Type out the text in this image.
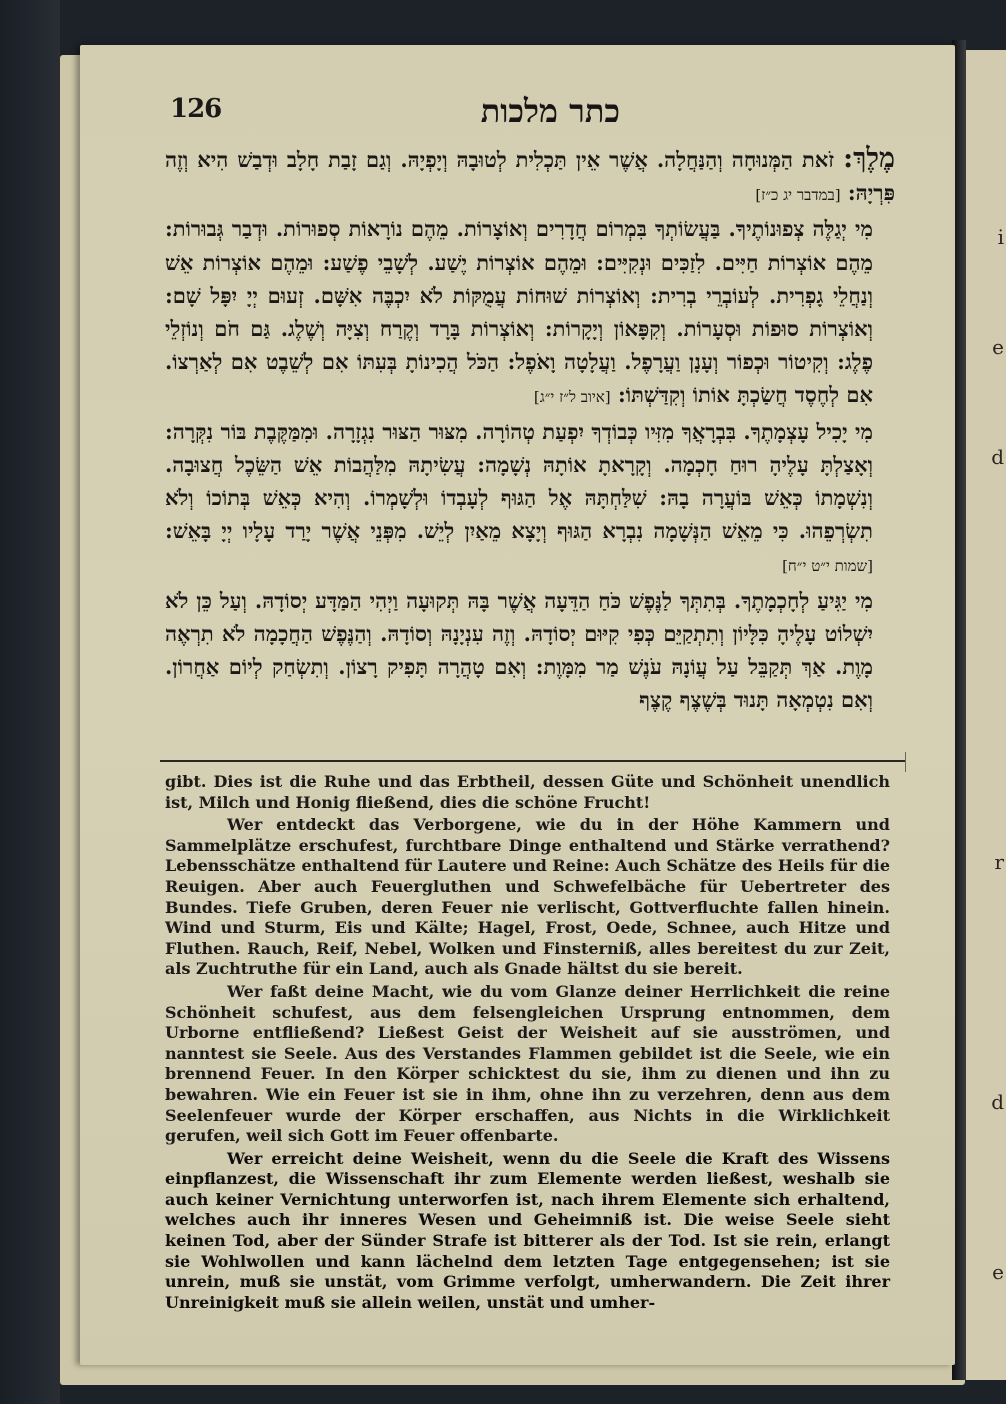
i
e
d
r
d
e
126	כתר מלכות

מֶלֶךְ: זֹאת הַמְּנוּחָה וְהַנַּחֲלָה. אֲשֶׁר אֵין תַּכְלִית לְטוּבָהּ וְיָפְיָהּ. וְגַם זָבַת חָלָב וּדְבַשׁ הִיא וְזֶה פִּרְיָהּ: [במדבר יג כ״ז]

מִי יְגַלֶּה צְפוּנוֹתֶיךָ. בַּעֲשׂוֹתְךָ בִּמְרוֹם חֲדָרִים וְאוֹצָרוֹת. מֵהֶם נוֹרָאוֹת סְפוּרוֹת. וּדְבַר גְּבוּרוֹת: מֵהֶם אוֹצְרוֹת חַיִּים. לִזַכִּים וּנְקִיִּים: וּמֵהֶם אוֹצְרוֹת יֶשַׁע. לְשָׁבֵי פֶשַׁע: וּמֵהֶם אוֹצְרוֹת אֵשׁ וְנַחֲלֵי גָפְרִית. לְעוֹבְרֵי בְרִית: וְאוֹצְרוֹת שׁוּחוֹת עֲמֻקּוֹת לֹא יִכְבֶּה אִשָּׁם. זְעוּם יְיָ יִפָּל שָׁם: וְאוֹצְרוֹת סוּפוֹת וּסְעָרוֹת. וְקִפָּאוֹן וְיָקָרוֹת: וְאוֹצְרוֹת בָּרָד וְקֶרַח וְצִיָּה וְשֶׁלֶג. גַּם חֹם וְנוֹזְלֵי פֶלֶג: וְקִיטוֹר וּכְפוֹר וְעָנָן וַעֲרָפֶל. וַעֲלָטָה וָאֹפֶל: הַכֹּל הֲכִינוֹתָ בְּעִתּוֹ אִם לְשֵׁבֶט אִם לְאַרְצוֹ. אִם לְחֶסֶד חֲשַׂכְתָּ אוֹתוֹ וְקִדַּשְׁתּוֹ: [איוב ל״ז י״ג]

מִי יָכִיל עָצְמָתֶךָ. בִּבְרָאֲךָ מִזִּיו כְּבוֹדְךָ יִפְעַת טְהוֹרָה. מִצּוּר הַצּוּר נִגְזָרָה. וּמִמַּקֶּבֶת בּוֹר נִקְּרָה: וְאָצַלְתָּ עָלֶיהָ רוּחַ חָכְמָה. וְקָרָאתָ אוֹתָהּ נְשָׁמָה: עֲשִׂיתָהּ מִלַּהֲבוֹת אֵשׁ הַשֵּׂכֶל חֲצוּבָה. וְנִשְׁמָתוֹ כְּאֵשׁ בּוֹעֲרָה בָהּ: שִׁלַּחְתָּהּ אֶל הַגּוּף לְעָבְדוֹ וּלְשָׁמְרוֹ. וְהִיא כְּאֵשׁ בְּתוֹכוֹ וְלֹא תִשְׂרְפֵהוּ. כִּי מֵאֵשׁ הַנְּשָׁמָה נִבְרָא הַגּוּף וְיָצָא מֵאַיִן לְיֵשׁ. מִפְּנֵי אֲשֶׁר יָרַד עָלָיו יְיָ בָּאֵשׁ: [שמות י״ט י״ח]

מִי יַגִּיעַ לְחָכְמָתֶךָ. בְּתִתְּךָ לַנֶּפֶשׁ כֹּחַ הַדֵּעָה אֲשֶׁר בָּהּ תְּקוּעָה וַיְהִי הַמַּדָּע יְסוֹדָהּ. וְעַל כֵּן לֹא יִשְׁלוֹט עָלֶיהָ כִּלָּיוֹן וְתִתְקַיֵּם כְּפִי קִיּוּם יְסוֹדָהּ. וְזֶה עִנְיָנָהּ וְסוֹדָהּ. וְהַנֶּפֶשׁ הַחֲכָמָה לֹא תִרְאֶה מָוֶת. אַךְ תְּקַבֵּל עַל עֲוֹנָהּ עֹנֶשׁ מַר מִמָּוֶת: וְאִם טָהֲרָה תָּפִיק רָצוֹן. וְתִשְׂחַק לְיוֹם אַחֲרוֹן. וְאִם נִטְמְאָה תָּנוּד בְּשֶׁצֶף קֶצֶף

gibt. Dies ist die Ruhe und das Erbtheil, dessen Güte und Schönheit unendlich ist, Milch und Honig fließend, dies die schöne Frucht!

Wer entdeckt das Verborgene, wie du in der Höhe Kammern und Sammelplätze erschufest, furchtbare Dinge enthaltend und Stärke verrathend? Lebensschätze enthaltend für Lautere und Reine: Auch Schätze des Heils für die Reuigen. Aber auch Feuergluthen und Schwefelbäche für Uebertreter des Bundes. Tiefe Gruben, deren Feuer nie verlischt, Gottverfluchte fallen hinein. Wind und Sturm, Eis und Kälte; Hagel, Frost, Oede, Schnee, auch Hitze und Fluthen. Rauch, Reif, Nebel, Wolken und Finsterniß, alles bereitest du zur Zeit, als Zuchtruthe für ein Land, auch als Gnade hältst du sie bereit.

Wer faßt deine Macht, wie du vom Glanze deiner Herrlichkeit die reine Schönheit schufest, aus dem felsengleichen Ursprung entnommen, dem Urborne entfließend? Ließest Geist der Weisheit auf sie ausströmen, und nanntest sie Seele. Aus des Verstandes Flammen gebildet ist die Seele, wie ein brennend Feuer. In den Körper schicktest du sie, ihm zu dienen und ihn zu bewahren. Wie ein Feuer ist sie in ihm, ohne ihn zu verzehren, denn aus dem Seelenfeuer wurde der Körper erschaffen, aus Nichts in die Wirklichkeit gerufen, weil sich Gott im Feuer offenbarte.

Wer erreicht deine Weisheit, wenn du die Seele die Kraft des Wissens einpflanzest, die Wissenschaft ihr zum Elemente werden ließest, weshalb sie auch keiner Vernichtung unterworfen ist, nach ihrem Elemente sich erhaltend, welches auch ihr inneres Wesen und Geheimniß ist. Die weise Seele sieht keinen Tod, aber der Sünder Strafe ist bitterer als der Tod. Ist sie rein, erlangt sie Wohlwollen und kann lächelnd dem letzten Tage entgegensehen; ist sie unrein, muß sie unstät, vom Grimme verfolgt, umherwandern. Die Zeit ihrer Unreinigkeit muß sie allein weilen, unstät und umher-
